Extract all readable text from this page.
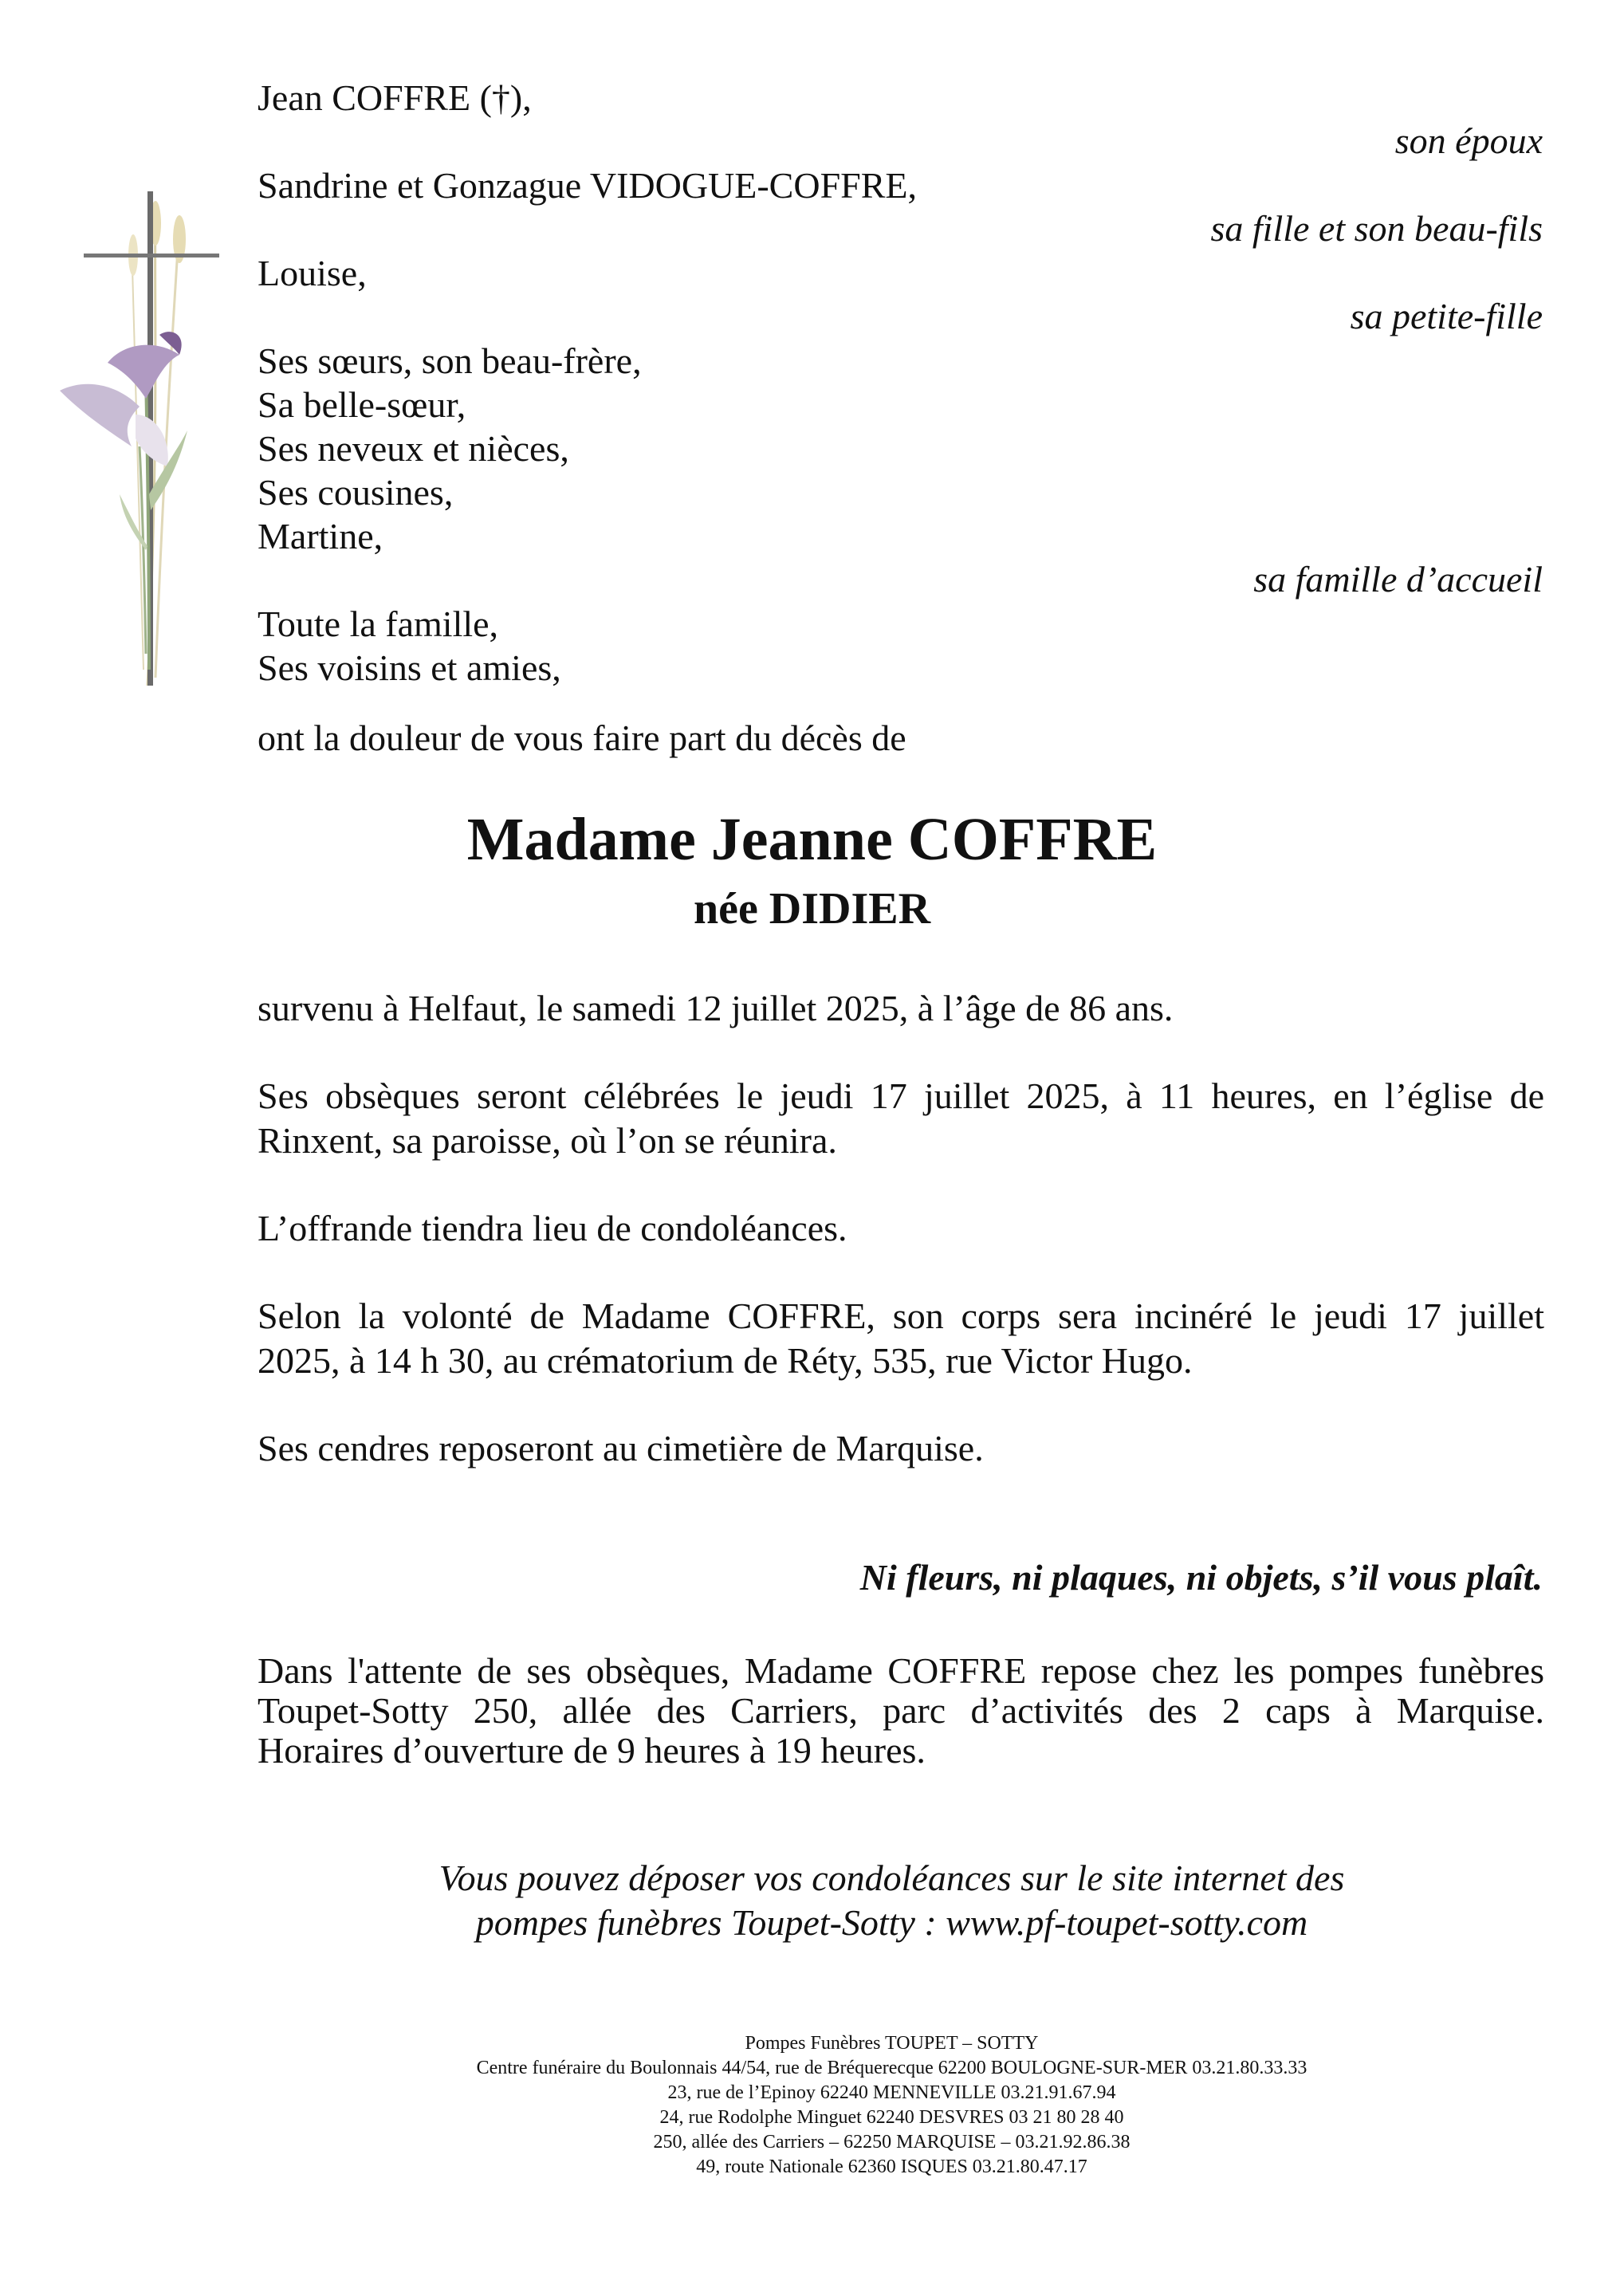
Jean COFFRE (†),
Sandrine et Gonzague VIDOGUE-COFFRE,
Louise,
Ses sœurs, son beau-frère,
Sa belle-sœur,
Ses neveux et nièces,
Ses cousines,
Martine,
Toute la famille,
Ses voisins et amies,
son époux
sa fille et son beau-fils
sa petite-fille
sa famille d’accueil
ont la douleur de vous faire part du décès de
Madame Jeanne COFFRE
née DIDIER
survenu à Helfaut, le samedi 12 juillet 2025, à l’âge de 86 ans.
Ses obsèques seront célébrées le jeudi 17 juillet 2025, à 11 heures, en l’église de
Rinxent, sa paroisse, où l’on se réunira.
L’offrande tiendra lieu de condoléances.
Selon la volonté de Madame COFFRE, son corps sera incinéré le jeudi 17 juillet
2025, à 14 h 30, au crématorium de Réty, 535, rue Victor Hugo.
Ses cendres reposeront au cimetière de Marquise.
Ni fleurs, ni plaques, ni objets, s’il vous plaît.
Dans l'attente de ses obsèques, Madame COFFRE repose chez les pompes funèbres
Toupet-Sotty 250, allée des Carriers, parc d’activités des 2 caps à Marquise.
Horaires d’ouverture de 9 heures à 19 heures.
Vous pouvez déposer vos condoléances sur le site internet des
pompes funèbres Toupet-Sotty : www.pf-toupet-sotty.com
Pompes Funèbres TOUPET – SOTTY
Centre funéraire du Boulonnais 44/54, rue de Bréquerecque 62200 BOULOGNE-SUR-MER 03.21.80.33.33
23, rue de l’Epinoy 62240 MENNEVILLE 03.21.91.67.94
24, rue Rodolphe Minguet 62240 DESVRES 03 21 80 28 40
250, allée des Carriers – 62250 MARQUISE – 03.21.92.86.38
49, route Nationale 62360 ISQUES 03.21.80.47.17
